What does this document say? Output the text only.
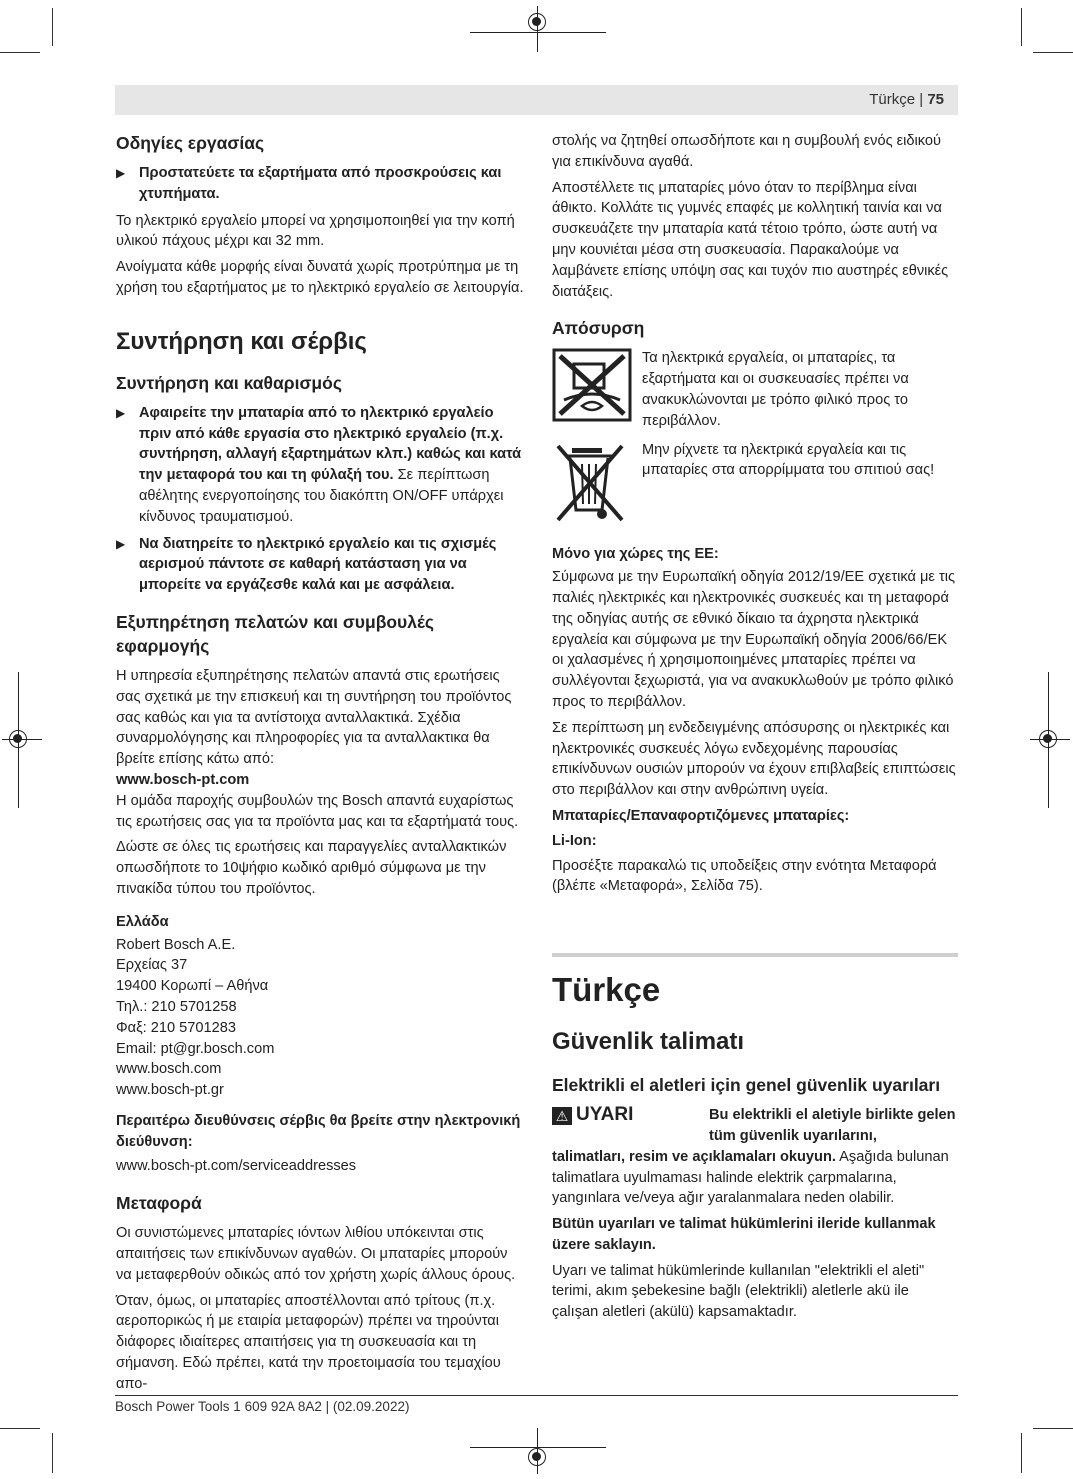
Türkçe | 75
Οδηγίες εργασίας
▶ Προστατεύετε τα εξαρτήματα από προσκρούσεις και χτυπήματα.

Το ηλεκτρικό εργαλείο μπορεί να χρησιμοποιηθεί για την κοπή υλικού πάχους μέχρι και 32 mm.

Ανοίγματα κάθε μορφής είναι δυνατά χωρίς προτρύπημα με τη χρήση του εξαρτήματος με το ηλεκτρικό εργαλείο σε λειτουργία.

Συντήρηση και σέρβις
Συντήρηση και καθαρισμός
▶ Αφαιρείτε την μπαταρία από το ηλεκτρικό εργαλείο πριν από κάθε εργασία στο ηλεκτρικό εργαλείο (π.χ. συντήρηση, αλλαγή εξαρτημάτων κλπ.) καθώς και κατά την μεταφορά του και τη φύλαξή του. Σε περίπτωση αθέλητης ενεργοποίησης του διακόπτη ON/OFF υπάρχει κίνδυνος τραυματισμού.
▶ Να διατηρείτε το ηλεκτρικό εργαλείο και τις σχισμές αερισμού πάντοτε σε καθαρή κατάσταση για να μπορείτε να εργάζεσθε καλά και με ασφάλεια.
Εξυπηρέτηση πελατών και συμβουλές εφαρμογής

Η υπηρεσία εξυπηρέτησης πελατών απαντά στις ερωτήσεις σας σχετικά με την επισκευή και τη συντήρηση του προϊόντος σας καθώς και για τα αντίστοιχα ανταλλακτικά. Σχέδια συναρμολόγησης και πληροφορίες για τα ανταλλακτικα θα βρείτε επίσης κάτω από:

www.bosch-pt.com

Η ομάδα παροχής συμβουλών της Bosch απαντά ευχαρίστως τις ερωτήσεις σας για τα προϊόντα μας και τα εξαρτήματά τους.

Δώστε σε όλες τις ερωτήσεις και παραγγελίες ανταλλακτικών οπωσδήποτε το 10ψήφιο κωδικό αριθμό σύμφωνα με την πινακίδα τύπου του προϊόντος.

Ελλάδα
Robert Bosch A.E.
Ερχείας 37
19400 Κορωπί – Αθήνα
Τηλ.: 210 5701258
Φαξ: 210 5701283
Email: pt@gr.bosch.com
www.bosch.com
www.bosch-pt.gr
Περαιτέρω διευθύνσεις σέρβις θα βρείτε στην ηλεκτρονική διεύθυνση:
www.bosch-pt.com/serviceaddresses
Μεταφορά

Οι συνιστώμενες μπαταρίες ιόντων λιθίου υπόκεινται στις απαιτήσεις των επικίνδυνων αγαθών. Οι μπαταρίες μπορούν να μεταφερθούν οδικώς από τον χρήστη χωρίς άλλους όρους.

Όταν, όμως, οι μπαταρίες αποστέλλονται από τρίτους (π.χ. αεροπορικώς ή με εταιρία μεταφορών) πρέπει να τηρούνται διάφορες ιδιαίτερες απαιτήσεις για τη συσκευασία και τη σήμανση. Εδώ πρέπει, κατά την προετοιμασία του τεμαχίου απο-

στολής να ζητηθεί οπωσδήποτε και η συμβουλή ενός ειδικού για επικίνδυνα αγαθά.

Αποστέλλετε τις μπαταρίες μόνο όταν το περίβλημα είναι άθικτο. Κολλάτε τις γυμνές επαφές με κολλητική ταινία και να συσκευάζετε την μπαταρία κατά τέτοιο τρόπο, ώστε αυτή να μην κουνιέται μέσα στη συσκευασία. Παρακαλούμε να λαμβάνετε επίσης υπόψη σας και τυχόν πιο αυστηρές εθνικές διατάξεις.

Απόσυρση

Τα ηλεκτρικά εργαλεία, οι μπαταρίες, τα εξαρτήματα και οι συσκευασίες πρέπει να ανακυκλώνονται με τρόπο φιλικό προς το περιβάλλον.

Μην ρίχνετε τα ηλεκτρικά εργαλεία και τις μπαταρίες στα απορρίμματα του σπιτιού σας!

Μόνο για χώρες της ΕΕ:

Σύμφωνα με την Ευρωπαϊκή οδηγία 2012/19/ΕΕ σχετικά με τις παλιές ηλεκτρικές και ηλεκτρονικές συσκευές και τη μεταφορά της οδηγίας αυτής σε εθνικό δίκαιο τα άχρηστα ηλεκτρικά εργαλεία και σύμφωνα με την Ευρωπαϊκή οδηγία 2006/66/ΕΚ οι χαλασμένες ή χρησιμοποιημένες μπαταρίες πρέπει να συλλέγονται ξεχωριστά, για να ανακυκλωθούν με τρόπο φιλικό προς το περιβάλλον.

Σε περίπτωση μη ενδεδειγμένης απόσυρσης οι ηλεκτρικές και ηλεκτρονικές συσκευές λόγω ενδεχομένης παρουσίας επικίνδυνων ουσιών μπορούν να έχουν επιβλαβείς επιπτώσεις στο περιβάλλον και στην ανθρώπινη υγεία.

Μπαταρίες/Επαναφορτιζόμενες μπαταρίες:
Li-Ion:

Προσέξτε παρακαλώ τις υποδείξεις στην ενότητα Μεταφορά (βλέπε «Μεταφορά», Σελίδα 75).

Türkçe
Güvenlik talimatı
Elektrikli el aletleri için genel güvenlik uyarıları
⚠ UYARI	Bu elektrikli el aletiyle birlikte gelen tüm güvenlik uyarılarını,

talimatları, resim ve açıklamaları okuyun. Aşağıda bulunan talimatlara uyulmaması halinde elektrik çarpmalarına, yangınlara ve/veya ağır yaralanmalara neden olabilir.

Bütün uyarıları ve talimat hükümlerini ileride kullanmak üzere saklayın.

Uyarı ve talimat hükümlerinde kullanılan "elektrikli el aleti" terimi, akım şebekesine bağlı (elektrikli) aletlerle akü ile çalışan aletleri (akülü) kapsamaktadır.

Bosch Power Tools 1 609 92A 8A2 | (02.09.2022)
